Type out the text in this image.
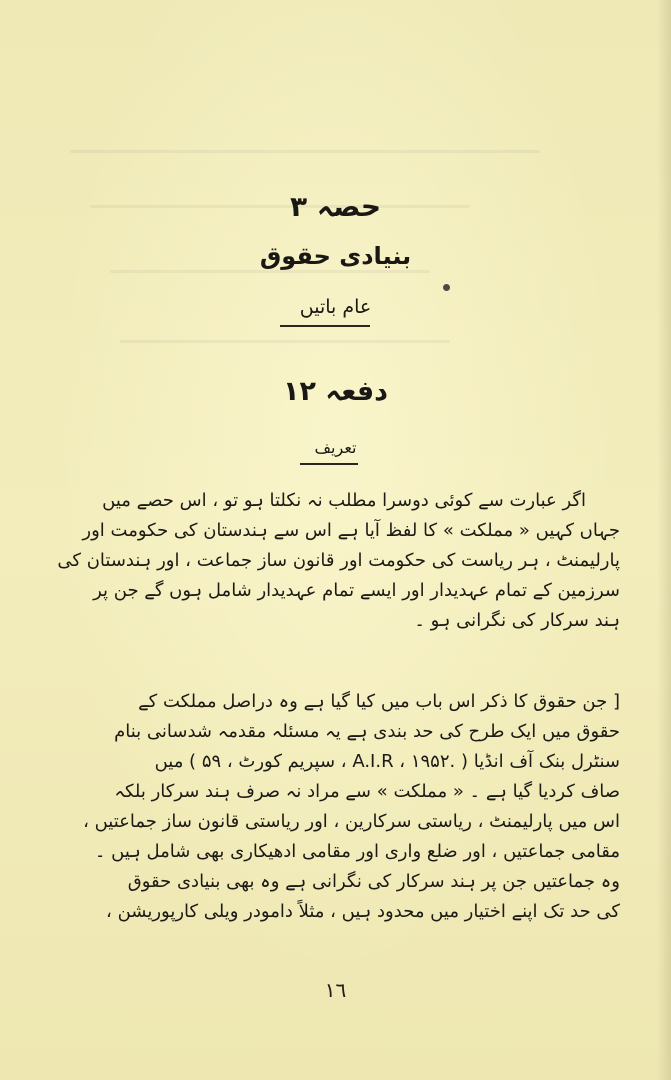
حصہ ۳
بنیادی حقوق
عام باتیں
دفعہ ۱۲
تعریف
اگر عبارت سے کوئی دوسرا مطلب نہ نکلتا ہو تو ، اس حصے میں
جہاں کہیں « مملکت » کا لفظ آیا ہے اس سے ہندستان کی حکومت اور
پارلیمنٹ ، ہر ریاست کی حکومت اور قانون ساز جماعت ، اور ہندستان کی
سرزمین کے تمام عہدیدار اور ایسے تمام عہدیدار شامل ہوں گے جن پر
ہند سرکار کی نگرانی ہو ۔
[ جن حقوق کا ذکر اس باب میں کیا گیا ہے وہ دراصل مملکت کے
حقوق میں ایک طرح کی حد بندی ہے یہ مسئلہ مقدمہ شدسانی بنام
سنٹرل بنک آف انڈیا ( .A.I.R ، ۱۹۵۲ ، سپریم کورٹ ، ۵۹ ) میں
صاف کردیا گیا ہے ۔ « مملکت » سے مراد نہ صرف ہند سرکار بلکہ
اس میں پارلیمنٹ ، ریاستی سرکارین ، اور ریاستی قانون ساز جماعتیں ،
مقامی جماعتیں ، اور ضلع واری اور مقامی ادھیکاری بھی شامل ہیں ۔
وہ جماعتیں جن پر ہند سرکار کی نگرانی ہے وہ بھی بنیادی حقوق
کی حد تک اپنے اختیار میں محدود ہیں ، مثلاً دامودر ویلی کارپوریشن ،
۱٦
